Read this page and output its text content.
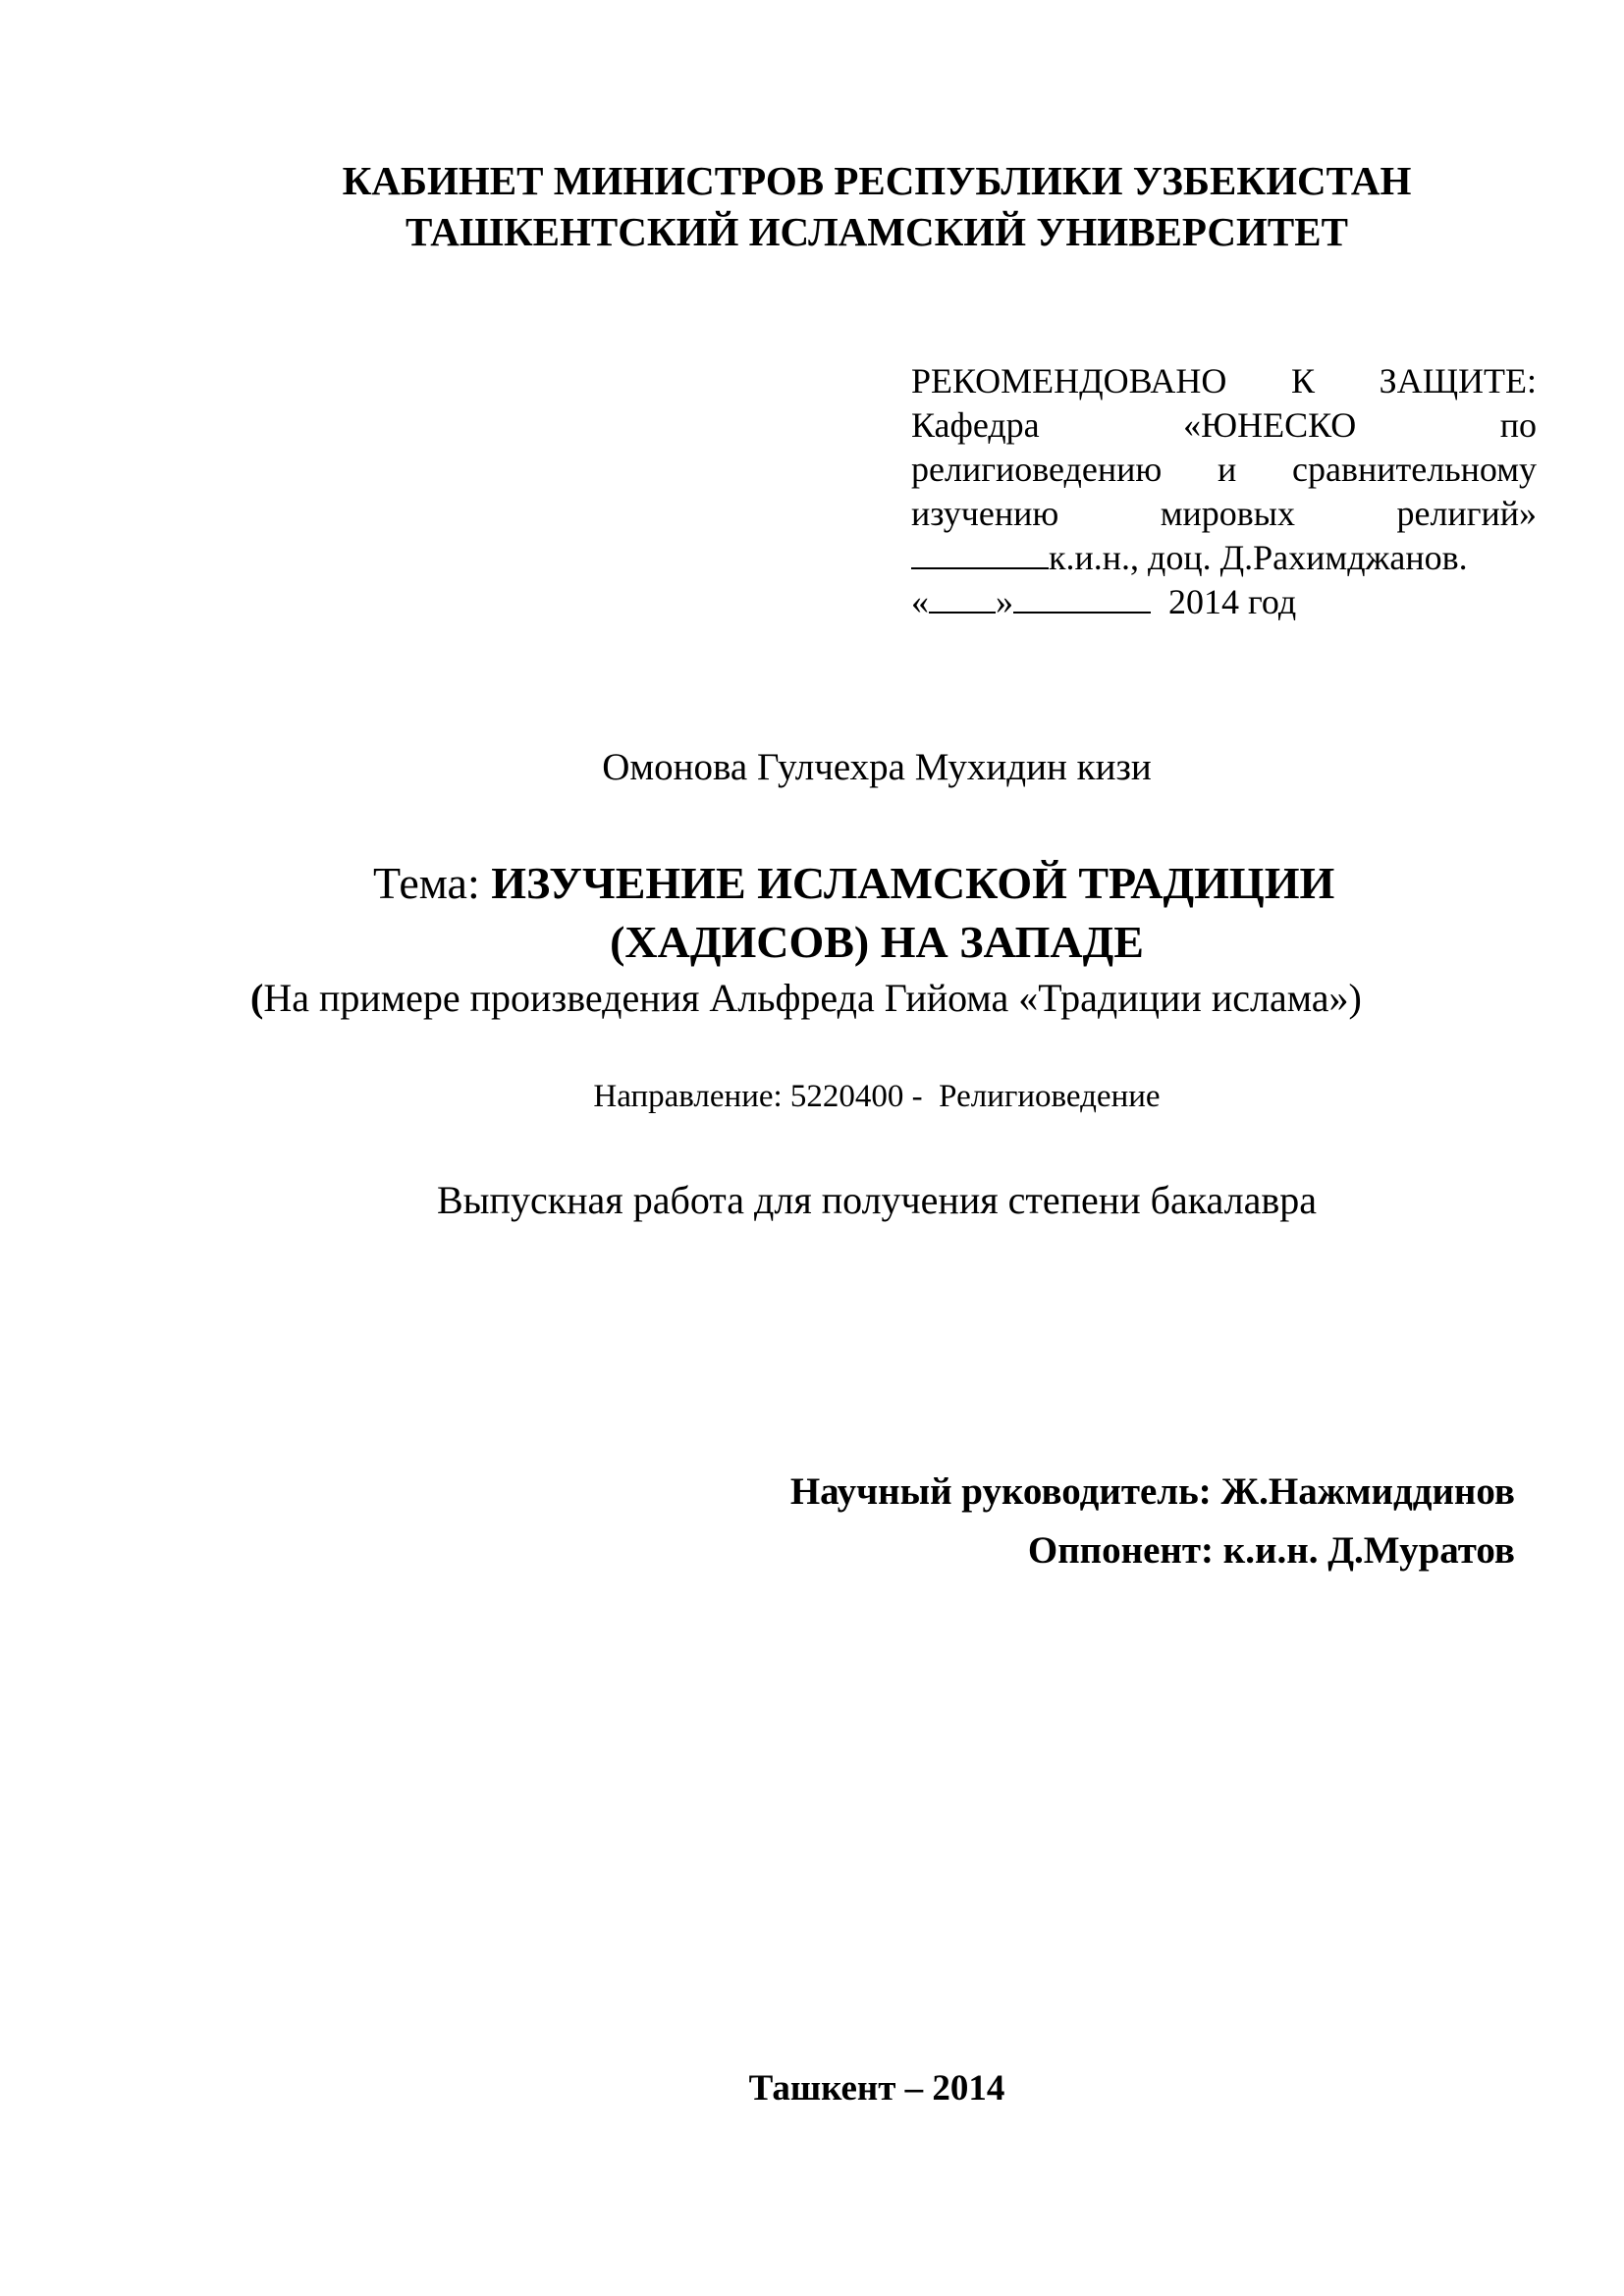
КАБИНЕТ МИНИСТРОВ РЕСПУБЛИКИ УЗБЕКИСТАН
ТАШКЕНТСКИЙ ИСЛАМСКИЙ УНИВЕРСИТЕТ
РЕКОМЕНДОВАНО К ЗАЩИТЕ:
Кафедра «ЮНЕСКО по
религиоведению и сравнительному
изучению мировых религий»
к.и.н., доц. Д.Рахимджанов.
« »	2014 год
Омонова Гулчехра Мухидин кизи
Тема: ИЗУЧЕНИЕ ИСЛАМСКОЙ ТРАДИЦИИ
(ХАДИСОВ) НА ЗАПАДЕ
(На примере произведения Альфреда Гийома «Традиции ислама»)
Направление: 5220400 -  Религиоведение
Выпускная работа для получения степени бакалавра
Научный руководитель: Ж.Нажмиддинов
Оппонент: к.и.н. Д.Муратов
Ташкент – 2014
